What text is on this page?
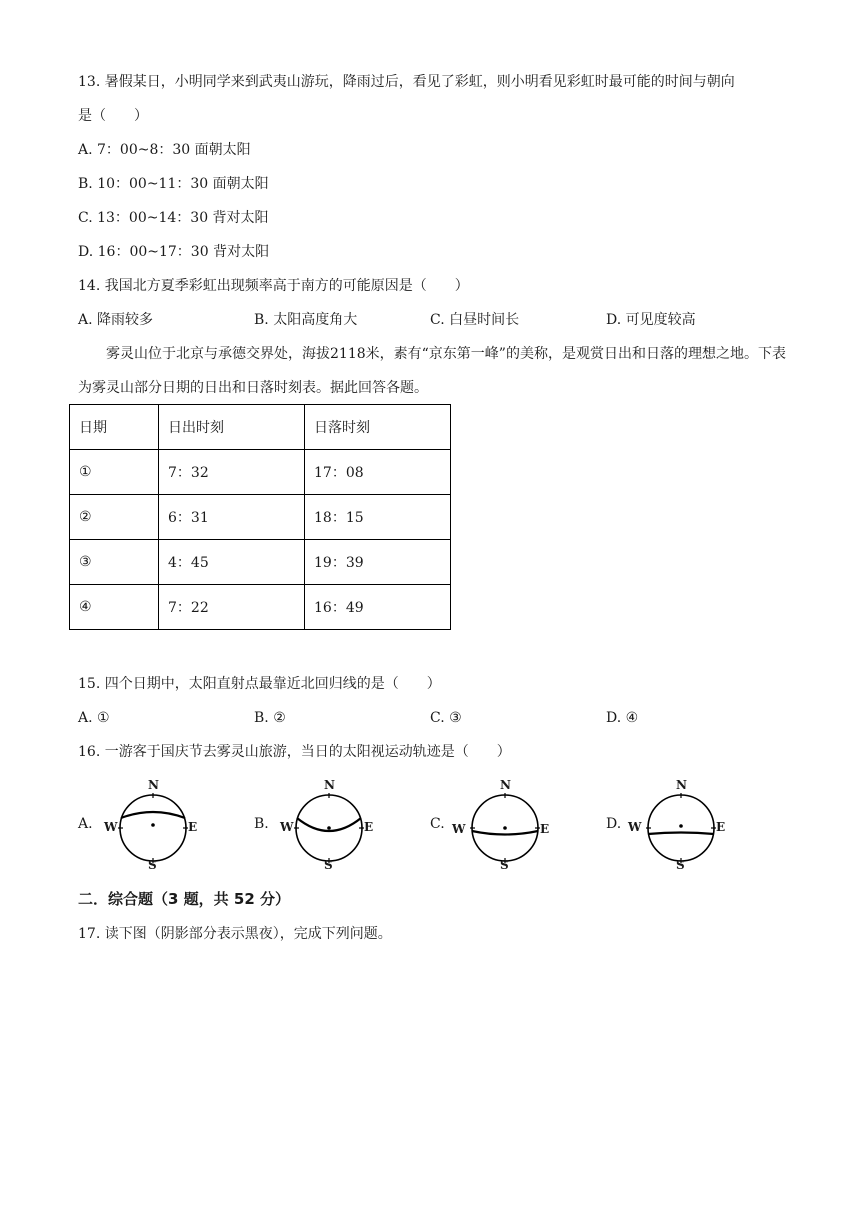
13. 暑假某日，小明同学来到武夷山游玩，降雨过后，看见了彩虹，则小明看见彩虹时最可能的时间与朝向
是（　　）
A. 7：00~8：30 面朝太阳
B. 10：00~11：30 面朝太阳
C. 13：00~14：30 背对太阳
D. 16：00~17：30 背对太阳
14. 我国北方夏季彩虹出现频率高于南方的可能原因是（　　）
A. 降雨较多	B. 太阳高度角大	C. 白昼时间长	D. 可见度较高
雾灵山位于北京与承德交界处，海拔2118米，素有“京东第一峰”的美称，是观赏日出和日落的理想之地。下表为雾灵山部分日期的日出和日落时刻表。据此回答各题。
日期	日出时刻	日落时刻
①	7：32	17：08
②	6：31	18：15
③	4：45	19：39
④	7：22	16：49
15. 四个日期中，太阳直射点最靠近北回归线的是（　　）
A. ①	B. ②	C. ③	D. ④
16. 一游客于国庆节去雾灵山旅游，当日的太阳视运动轨迹是（　　）
A.
N
S
W	E	B.
N
S
W	E	C.
N
S
W	E	D.
N
S
W	E
二．综合题（3 题，共 52 分）
17. 读下图（阴影部分表示黑夜），完成下列问题。
